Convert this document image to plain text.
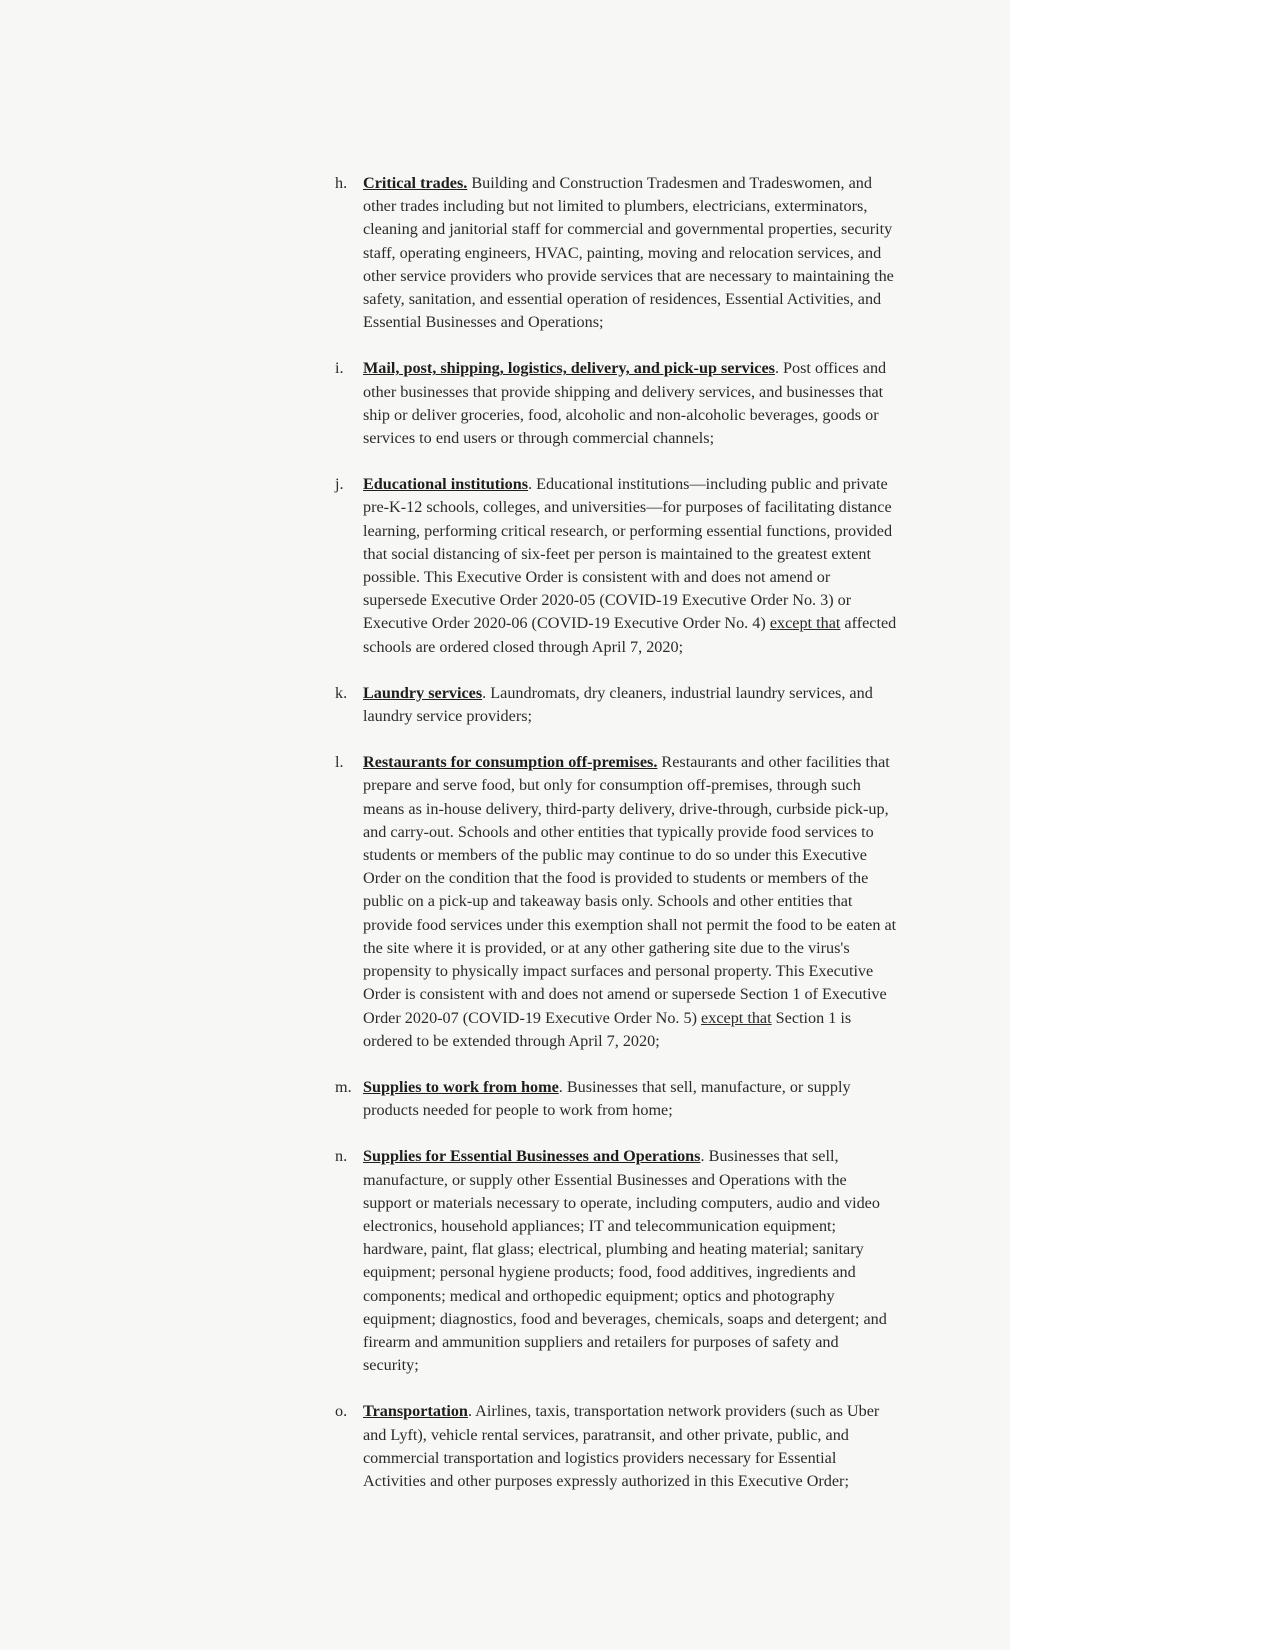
h. Critical trades. Building and Construction Tradesmen and Tradeswomen, and
other trades including but not limited to plumbers, electricians, exterminators,
cleaning and janitorial staff for commercial and governmental properties, security
staff, operating engineers, HVAC, painting, moving and relocation services, and
other service providers who provide services that are necessary to maintaining the
safety, sanitation, and essential operation of residences, Essential Activities, and
Essential Businesses and Operations;
i.	Mail, post, shipping, logistics, delivery, and pick-up services. Post offices and
other businesses that provide shipping and delivery services, and businesses that
ship or deliver groceries, food, alcoholic and non-alcoholic beverages, goods or
services to end users or through commercial channels;
j.	Educational institutions. Educational institutions—including public and private
pre-K-12 schools, colleges, and universities—for purposes of facilitating distance
learning, performing critical research, or performing essential functions, provided
that social distancing of six-feet per person is maintained to the greatest extent
possible. This Executive Order is consistent with and does not amend or
supersede Executive Order 2020-05 (COVID-19 Executive Order No. 3) or
Executive Order 2020-06 (COVID-19 Executive Order No. 4) except that affected
schools are ordered closed through April 7, 2020;
k. Laundry services. Laundromats, dry cleaners, industrial laundry services, and
laundry service providers;
l.	Restaurants for consumption off-premises. Restaurants and other facilities that
prepare and serve food, but only for consumption off-premises, through such
means as in-house delivery, third-party delivery, drive-through, curbside pick-up,
and carry-out. Schools and other entities that typically provide food services to
students or members of the public may continue to do so under this Executive
Order on the condition that the food is provided to students or members of the
public on a pick-up and takeaway basis only. Schools and other entities that
provide food services under this exemption shall not permit the food to be eaten at
the site where it is provided, or at any other gathering site due to the virus's
propensity to physically impact surfaces and personal property. This Executive
Order is consistent with and does not amend or supersede Section 1 of Executive
Order 2020-07 (COVID-19 Executive Order No. 5) except that Section 1 is
ordered to be extended through April 7, 2020;
m. Supplies to work from home. Businesses that sell, manufacture, or supply
products needed for people to work from home;
n. Supplies for Essential Businesses and Operations. Businesses that sell,
manufacture, or supply other Essential Businesses and Operations with the
support or materials necessary to operate, including computers, audio and video
electronics, household appliances; IT and telecommunication equipment;
hardware, paint, flat glass; electrical, plumbing and heating material; sanitary
equipment; personal hygiene products; food, food additives, ingredients and
components; medical and orthopedic equipment; optics and photography
equipment; diagnostics, food and beverages, chemicals, soaps and detergent; and
firearm and ammunition suppliers and retailers for purposes of safety and
security;
o. Transportation. Airlines, taxis, transportation network providers (such as Uber
and Lyft), vehicle rental services, paratransit, and other private, public, and
commercial transportation and logistics providers necessary for Essential
Activities and other purposes expressly authorized in this Executive Order;
